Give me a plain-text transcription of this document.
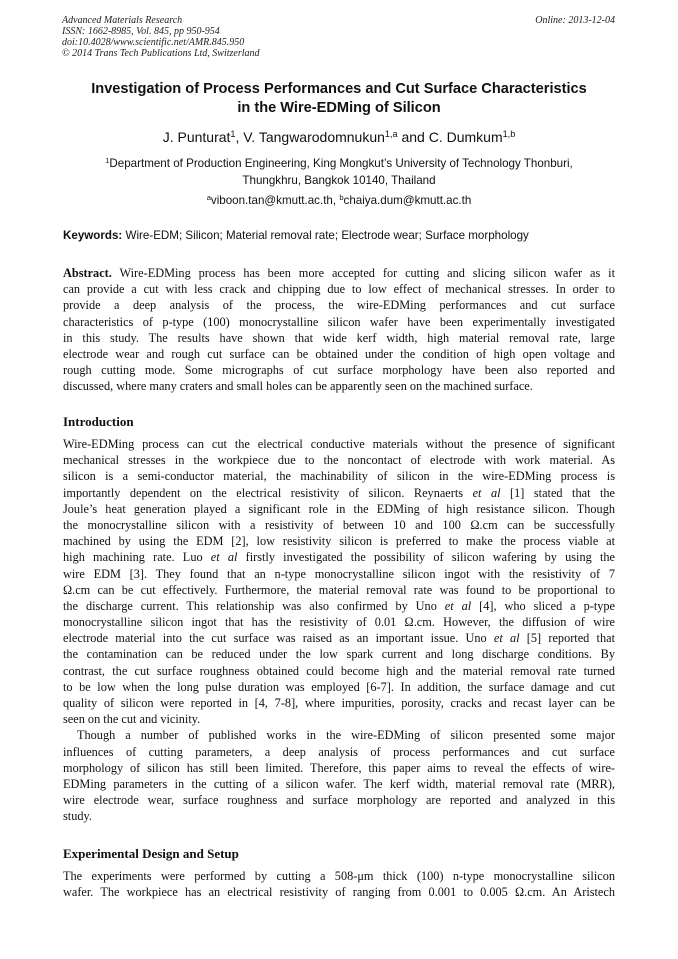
Advanced Materials Research
ISSN: 1662-8985, Vol. 845, pp 950-954
doi:10.4028/www.scientific.net/AMR.845.950
© 2014 Trans Tech Publications Ltd, Switzerland
Online: 2013-12-04
Investigation of Process Performances and Cut Surface Characteristics
in the Wire-EDMing of Silicon
J. Punturat$^1$, V. Tangwarodomnukun$^{1,a}$ and C. Dumkum$^{1,b}$
$^1$Department of Production Engineering, King Mongkut’s University of Technology Thonburi,
Thungkhru, Bangkok 10140, Thailand
$^a$viboon.tan@kmutt.ac.th, $^b$chaiya.dum@kmutt.ac.th
Keywords: Wire-EDM; Silicon; Material removal rate; Electrode wear; Surface morphology
Abstract. Wire-EDMing process has been more accepted for cutting and slicing silicon wafer as it
can provide a cut with less crack and chipping due to low effect of mechanical stresses. In order to
provide a deep analysis of the process, the wire-EDMing performances and cut surface
characteristics of p-type (100) monocrystalline silicon wafer have been experimentally investigated
in this study. The results have shown that wide kerf width, high material removal rate, large
electrode wear and rough cut surface can be obtained under the condition of high open voltage and
rough cutting mode. Some micrographs of cut surface morphology have been also reported and
discussed, where many craters and small holes can be apparently seen on the machined surface.
Introduction
Wire-EDMing process can cut the electrical conductive materials without the presence of significant
mechanical stresses in the workpiece due to the noncontact of electrode with work material. As
silicon is a semi-conductor material, the machinability of silicon in the wire-EDMing process is
importantly dependent on the electrical resistivity of silicon. Reynaerts et al [1] stated that the
Joule’s heat generation played a significant role in the EDMing of high resistance silicon. Though
the monocrystalline silicon with a resistivity of between 10 and 100 Ω.cm can be successfully
machined by using the EDM [2], low resistivity silicon is preferred to make the process viable at
high machining rate. Luo et al firstly investigated the possibility of silicon wafering by using the
wire EDM [3]. They found that an n-type monocrystalline silicon ingot with the resistivity of 7
Ω.cm can be cut effectively. Furthermore, the material removal rate was found to be proportional to
the discharge current. This relationship was also confirmed by Uno et al [4], who sliced a p-type
monocrystalline silicon ingot that has the resistivity of 0.01 Ω.cm. However, the diffusion of wire
electrode material into the cut surface was raised as an important issue. Uno et al [5] reported that
the contamination can be reduced under the low spark current and long discharge conditions. By
contrast, the cut surface roughness obtained could become high and the material removal rate turned
to be low when the long pulse duration was employed [6-7]. In addition, the surface damage and cut
quality of silicon were reported in [4, 7-8], where impurities, porosity, cracks and recast layer can be
seen on the cut and vicinity.
Though a number of published works in the wire-EDMing of silicon presented some major
influences of cutting parameters, a deep analysis of process performances and cut surface
morphology of silicon has still been limited. Therefore, this paper aims to reveal the effects of wire-
EDMing parameters in the cutting of a silicon wafer. The kerf width, material removal rate (MRR),
wire electrode wear, surface roughness and surface morphology are reported and analyzed in this
study.
Experimental Design and Setup
The experiments were performed by cutting a 508-μm thick (100) n-type monocrystalline silicon
wafer. The workpiece has an electrical resistivity of ranging from 0.001 to 0.005 Ω.cm. An Aristech
